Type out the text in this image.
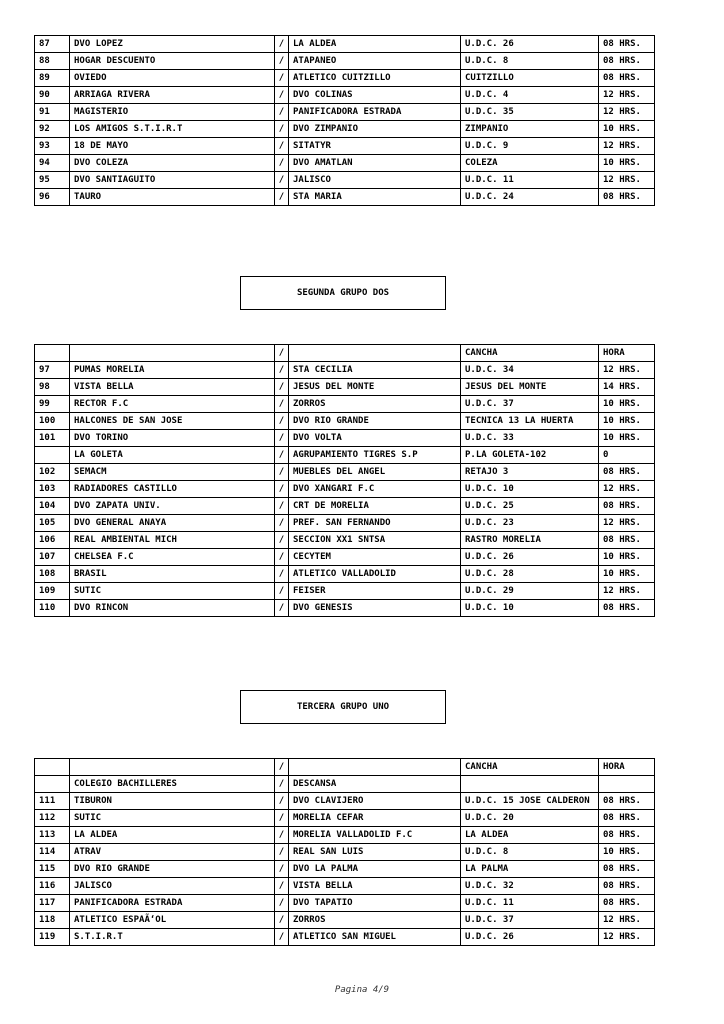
87	DVO LOPEZ	/	LA ALDEA	U.D.C. 26	08 HRS.
88	HOGAR DESCUENTO	/	ATAPANEO	U.D.C. 8	08 HRS.
89	OVIEDO	/	ATLETICO CUITZILLO	CUITZILLO	08 HRS.
90	ARRIAGA RIVERA	/	DVO COLINAS	U.D.C. 4	12 HRS.
91	MAGISTERIO	/	PANIFICADORA ESTRADA	U.D.C. 35	12 HRS.
92	LOS AMIGOS S.T.I.R.T	/	DVO ZIMPANIO	ZIMPANIO	10 HRS.
93	18 DE MAYO	/	SITATYR	U.D.C. 9	12 HRS.
94	DVO COLEZA	/	DVO AMATLAN	COLEZA	10 HRS.
95	DVO SANTIAGUITO	/	JALISCO	U.D.C. 11	12 HRS.
96	TAURO	/	STA MARIA	U.D.C. 24	08 HRS.
SEGUNDA GRUPO DOS
		/		CANCHA	HORA
97	PUMAS MORELIA	/	STA CECILIA	U.D.C. 34	12 HRS.
98	VISTA BELLA	/	JESUS DEL MONTE	JESUS DEL MONTE	14 HRS.
99	RECTOR F.C	/	ZORROS	U.D.C. 37	10 HRS.
100	HALCONES DE SAN JOSE	/	DVO RIO GRANDE	TECNICA 13 LA HUERTA	10 HRS.
101	DVO TORINO	/	DVO VOLTA	U.D.C. 33	10 HRS.
	LA GOLETA	/	AGRUPAMIENTO TIGRES S.P	P.LA GOLETA-102	0
102	SEMACM	/	MUEBLES DEL ANGEL	RETAJO 3	08 HRS.
103	RADIADORES CASTILLO	/	DVO XANGARI F.C	U.D.C. 10	12 HRS.
104	DVO ZAPATA UNIV.	/	CRT DE MORELIA	U.D.C. 25	08 HRS.
105	DVO GENERAL ANAYA	/	PREF. SAN FERNANDO	U.D.C. 23	12 HRS.
106	REAL AMBIENTAL MICH	/	SECCION XX1 SNTSA	RASTRO MORELIA	08 HRS.
107	CHELSEA F.C	/	CECYTEM	U.D.C. 26	10 HRS.
108	BRASIL	/	ATLETICO VALLADOLID	U.D.C. 28	10 HRS.
109	SUTIC	/	FEISER	U.D.C. 29	12 HRS.
110	DVO RINCON	/	DVO GENESIS	U.D.C. 10	08 HRS.
TERCERA GRUPO UNO
		/		CANCHA	HORA
	COLEGIO BACHILLERES	/	DESCANSA		
111	TIBURON	/	DVO CLAVIJERO	U.D.C. 15 JOSE CALDERON	08 HRS.
112	SUTIC	/	MORELIA CEFAR	U.D.C. 20	08 HRS.
113	LA ALDEA	/	MORELIA VALLADOLID F.C	LA ALDEA	08 HRS.
114	ATRAV	/	REAL SAN LUIS	U.D.C. 8	10 HRS.
115	DVO RIO GRANDE	/	DVO LA PALMA	LA PALMA	08 HRS.
116	JALISCO	/	VISTA BELLA	U.D.C. 32	08 HRS.
117	PANIFICADORA ESTRADA	/	DVO TAPATIO	U.D.C. 11	08 HRS.
118	ATLETICO ESPAÃ‘OL	/	ZORROS	U.D.C. 37	12 HRS.
119	S.T.I.R.T	/	ATLETICO SAN MIGUEL	U.D.C. 26	12 HRS.
Pagina 4/9
